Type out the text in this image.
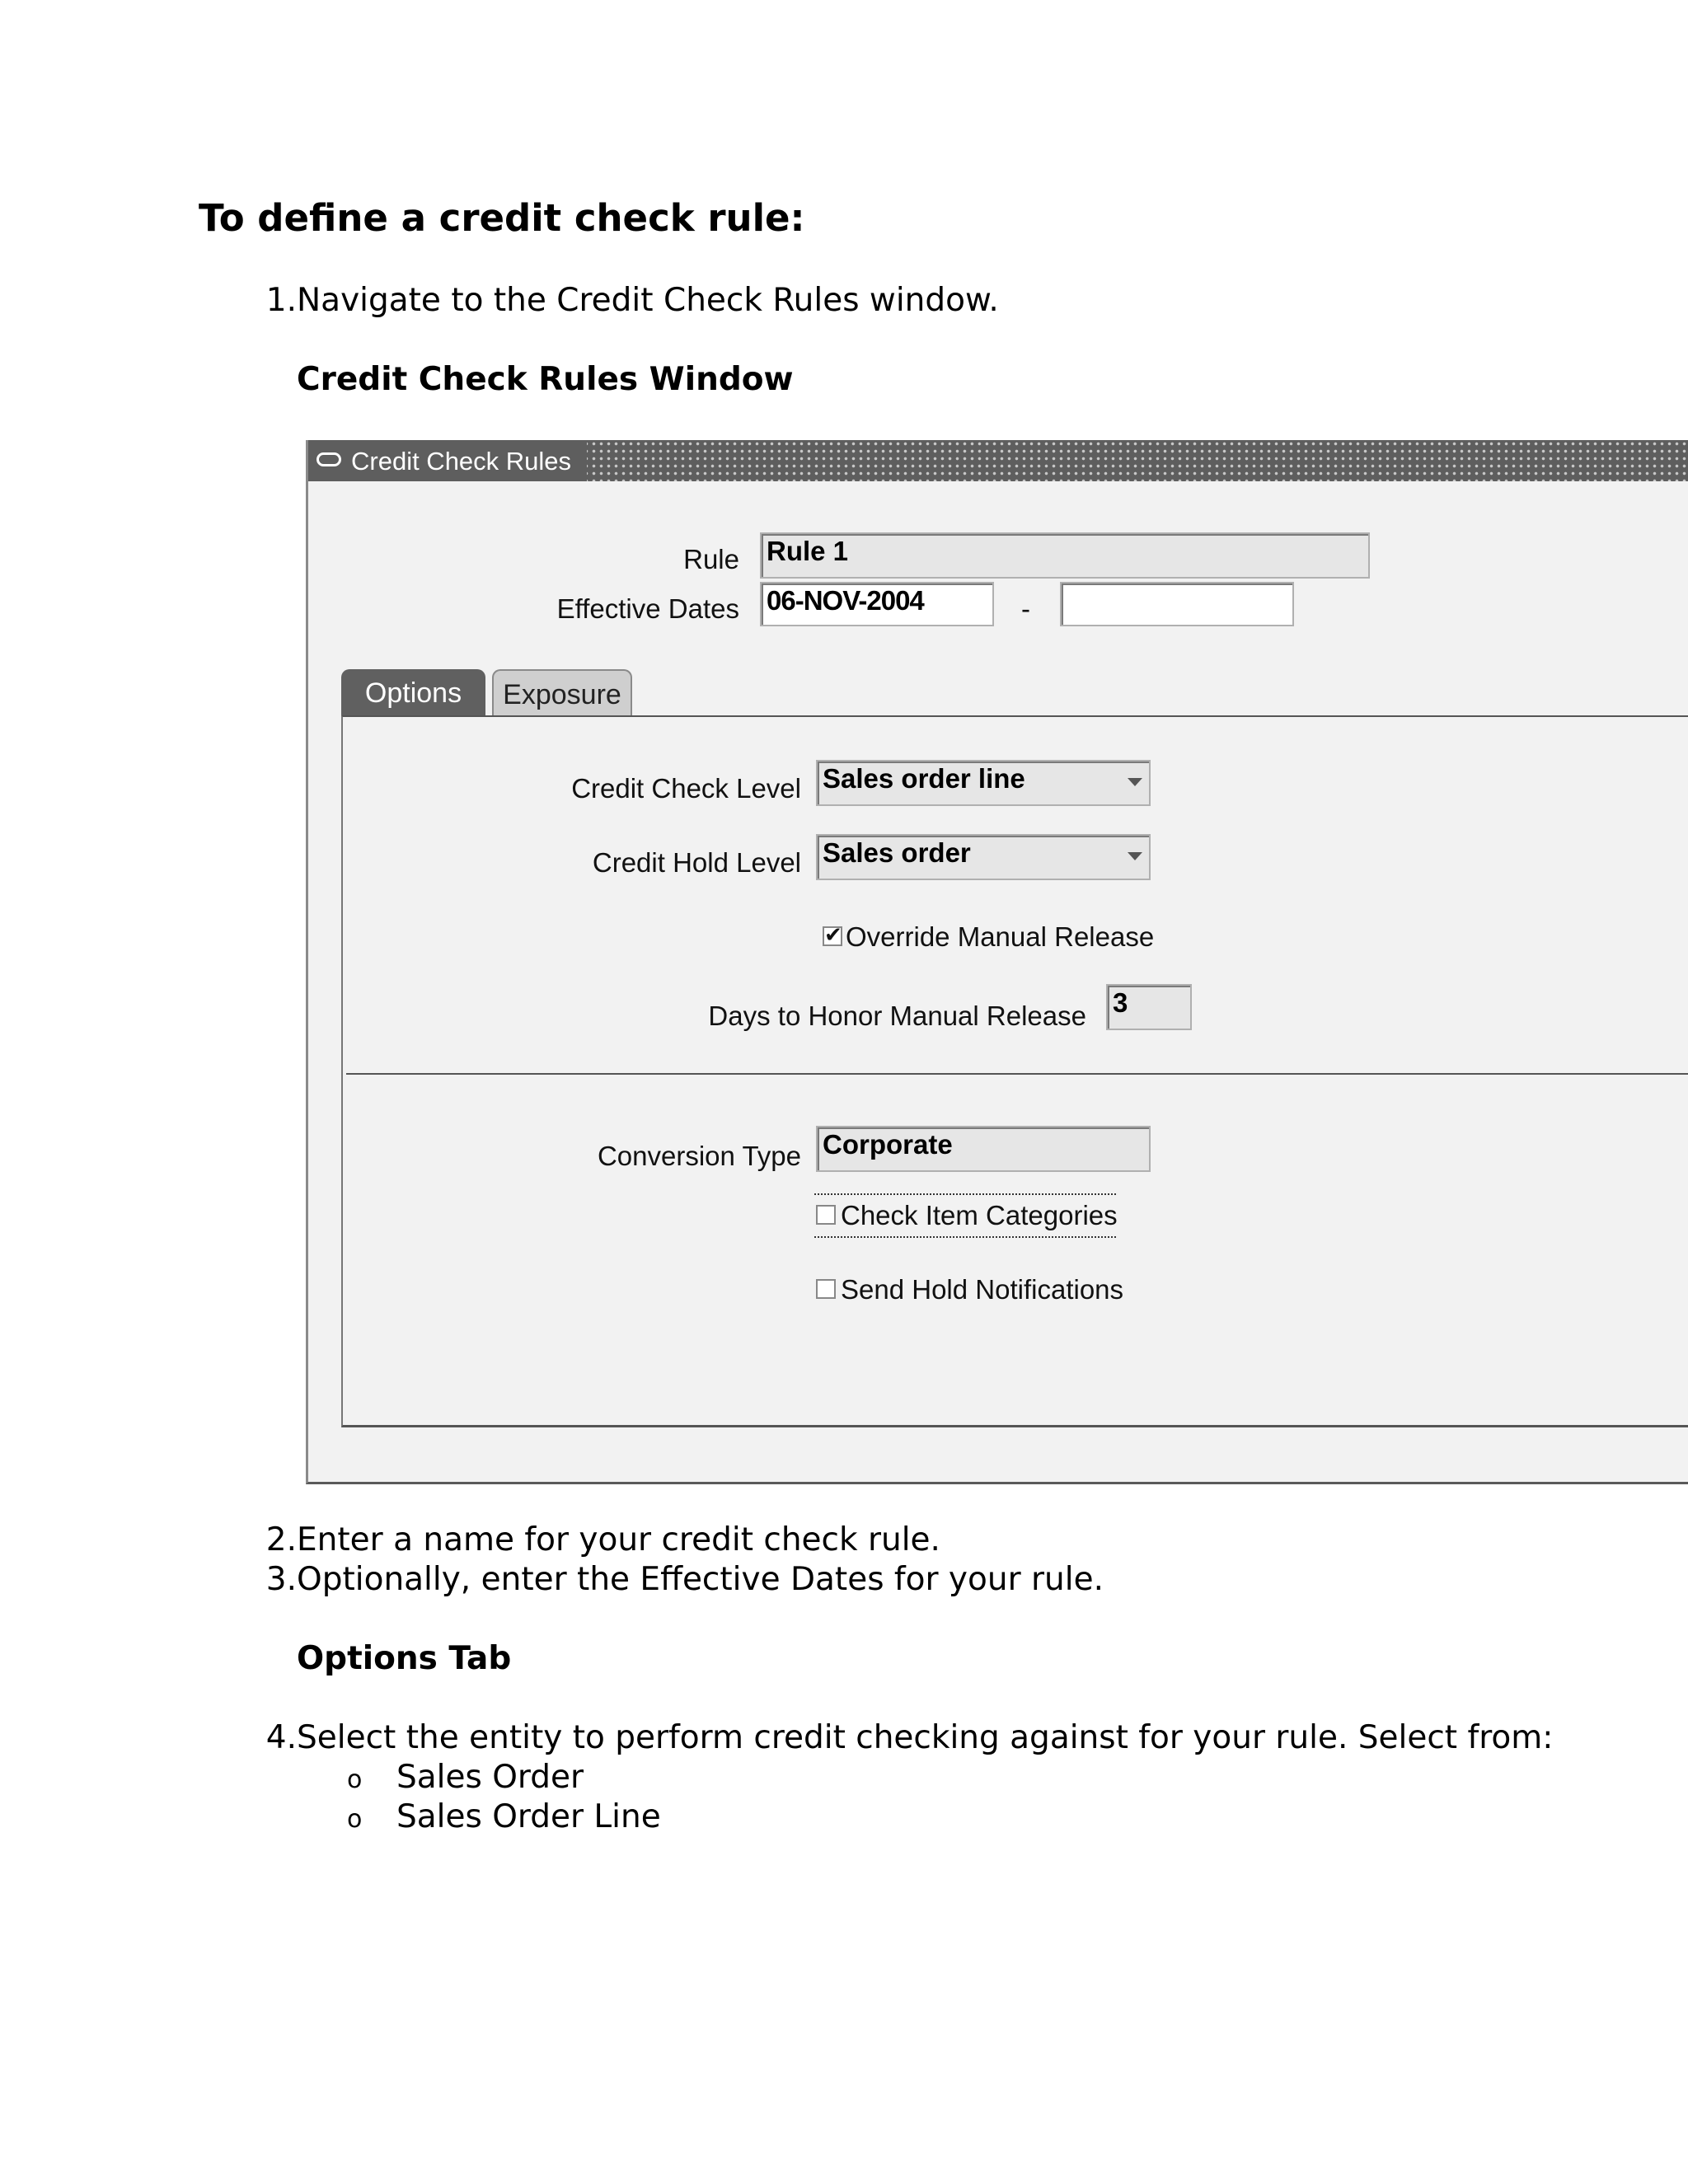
To define a credit check rule:
1. Navigate to the Credit Check Rules window.
Credit Check Rules Window
Credit Check Rules
Rule Rule 1
Effective Dates 06-NOV-2004	-
Options	Exposure
Credit Check Level Sales order line
Credit Hold Level Sales order
✔
Override Manual Release
Days to Honor Manual Release 3
Conversion Type Corporate
Check Item Categories
Send Hold Notifications
2. Enter a name for your credit check rule.
3. Optionally, enter the Effective Dates for your rule.
Options Tab
4. Select the entity to perform credit checking against for your rule. Select from:
o Sales Order
o Sales Order Line
